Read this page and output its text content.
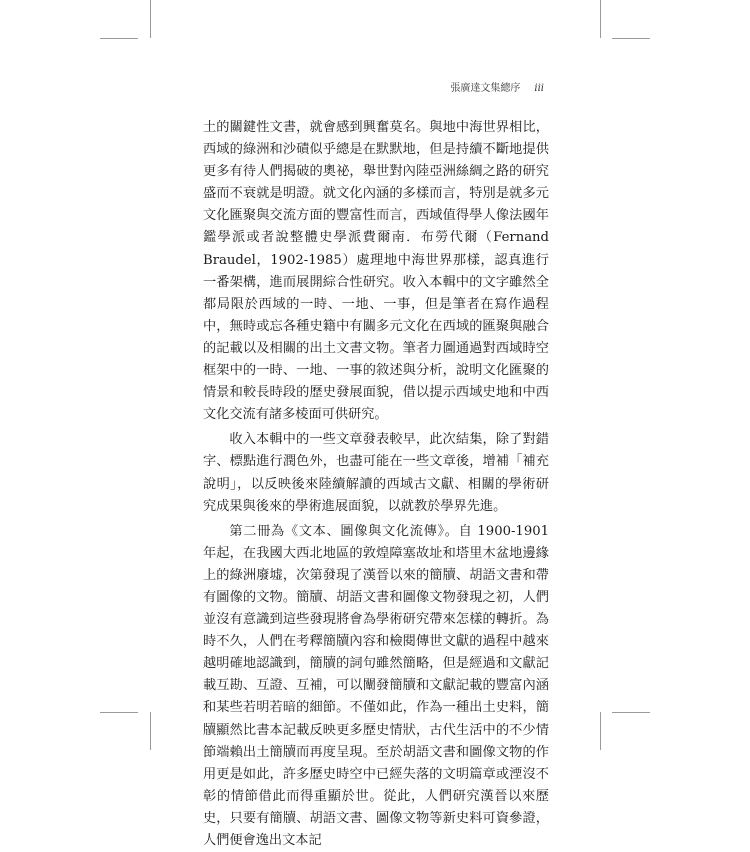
張廣達文集總序 iii

土的關鍵性文書，就會感到興奮莫名。與地中海世界相比，西域的綠洲和沙磧似乎總是在默默地，但是持續不斷地提供更多有待人們揭破的奧祕，舉世對內陸亞洲絲綢之路的研究盛而不衰就是明證。就文化內涵的多樣而言，特別是就多元文化匯聚與交流方面的豐富性而言，西域值得學人像法國年鑑學派或者說整體史學派費爾南．布勞代爾（Fernand Braudel，1902-1985）處理地中海世界那樣，認真進行一番架構，進而展開綜合性研究。收入本輯中的文字雖然全都局限於西域的一時、一地、一事，但是筆者在寫作過程中，無時或忘各種史籍中有關多元文化在西域的匯聚與融合的記載以及相關的出土文書文物。筆者力圖通過對西域時空框架中的一時、一地、一事的敘述與分析，說明文化匯聚的情景和較長時段的歷史發展面貌，借以提示西域史地和中西文化交流有諸多棱面可供研究。

收入本輯中的一些文章發表較早，此次結集，除了對錯字、標點進行潤色外，也盡可能在一些文章後，增補「補充說明」，以反映後來陸續解讀的西域古文獻、相關的學術研究成果與後來的學術進展面貌，以就教於學界先進。

第二冊為《文本、圖像與文化流傳》。自 1900-1901 年起，在我國大西北地區的敦煌障塞故址和塔里木盆地邊緣上的綠洲廢墟，次第發現了漢晉以來的簡牘、胡語文書和帶有圖像的文物。簡牘、胡語文書和圖像文物發現之初，人們並沒有意識到這些發現將會為學術研究帶來怎樣的轉折。為時不久，人們在考釋簡牘內容和檢閱傳世文獻的過程中越來越明確地認識到，簡牘的詞句雖然簡略，但是經過和文獻記載互勘、互證、互補，可以闡發簡牘和文獻記載的豐富內涵和某些若明若暗的細節。不僅如此，作為一種出土史料，簡牘顯然比書本記載反映更多歷史情狀，古代生活中的不少情節端賴出土簡牘而再度呈現。至於胡語文書和圖像文物的作用更是如此，許多歷史時空中已經失落的文明篇章或湮沒不彰的情節借此而得重顯於世。從此，人們研究漢晉以來歷史，只要有簡牘、胡語文書、圖像文物等新史料可資參證，人們便會逸出文本記
